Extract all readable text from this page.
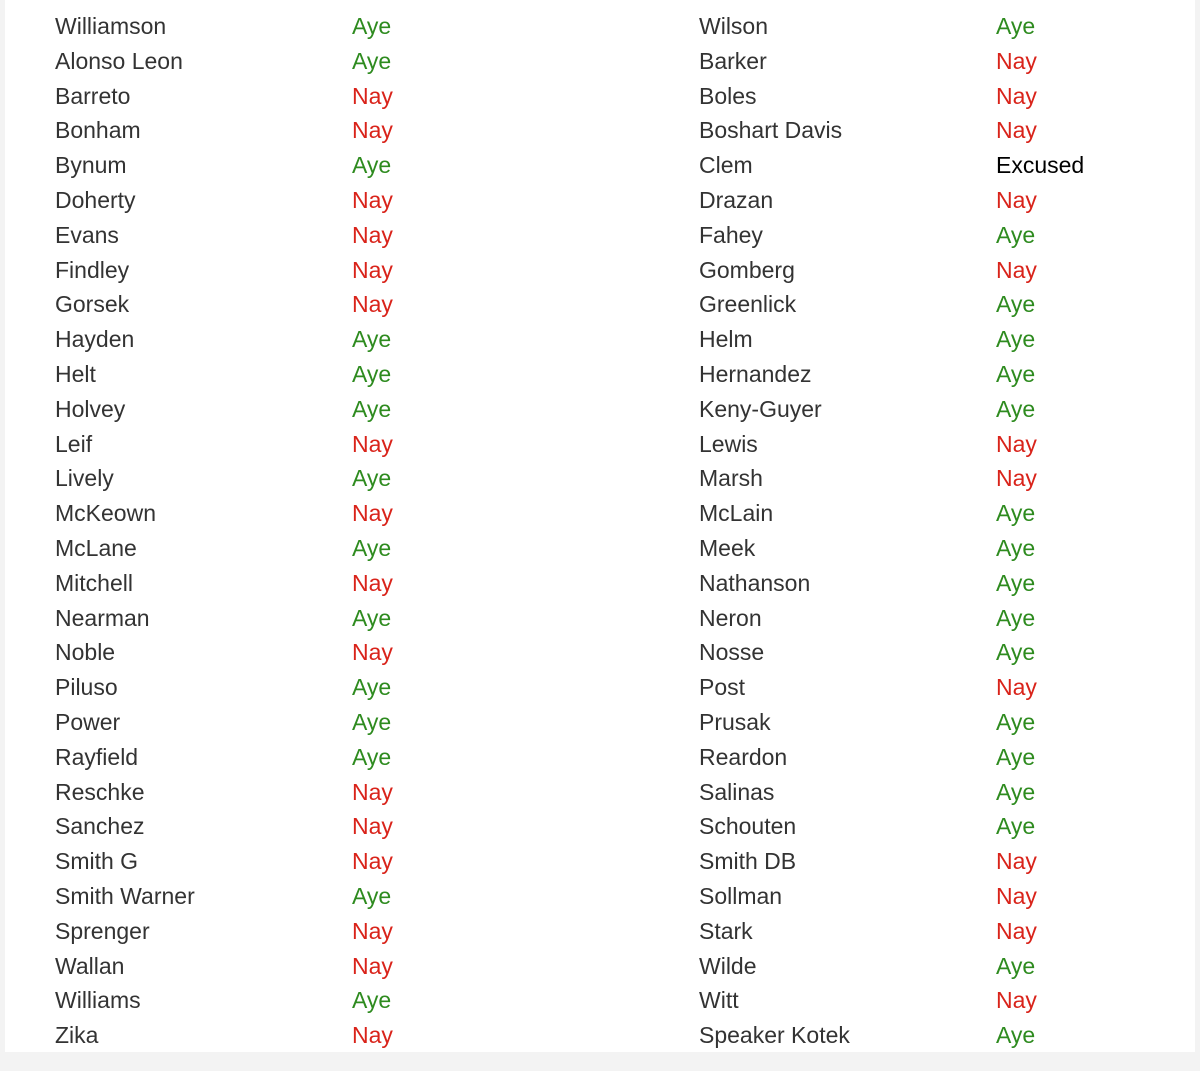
Williamson	Aye	Wilson	Aye
Alonso Leon	Aye	Barker	Nay
Barreto	Nay	Boles	Nay
Bonham	Nay	Boshart Davis	Nay
Bynum	Aye	Clem	Excused
Doherty	Nay	Drazan	Nay
Evans	Nay	Fahey	Aye
Findley	Nay	Gomberg	Nay
Gorsek	Nay	Greenlick	Aye
Hayden	Aye	Helm	Aye
Helt	Aye	Hernandez	Aye
Holvey	Aye	Keny-Guyer	Aye
Leif	Nay	Lewis	Nay
Lively	Aye	Marsh	Nay
McKeown	Nay	McLain	Aye
McLane	Aye	Meek	Aye
Mitchell	Nay	Nathanson	Aye
Nearman	Aye	Neron	Aye
Noble	Nay	Nosse	Aye
Piluso	Aye	Post	Nay
Power	Aye	Prusak	Aye
Rayfield	Aye	Reardon	Aye
Reschke	Nay	Salinas	Aye
Sanchez	Nay	Schouten	Aye
Smith G	Nay	Smith DB	Nay
Smith Warner	Aye	Sollman	Nay
Sprenger	Nay	Stark	Nay
Wallan	Nay	Wilde	Aye
Williams	Aye	Witt	Nay
Zika	Nay	Speaker Kotek	Aye
